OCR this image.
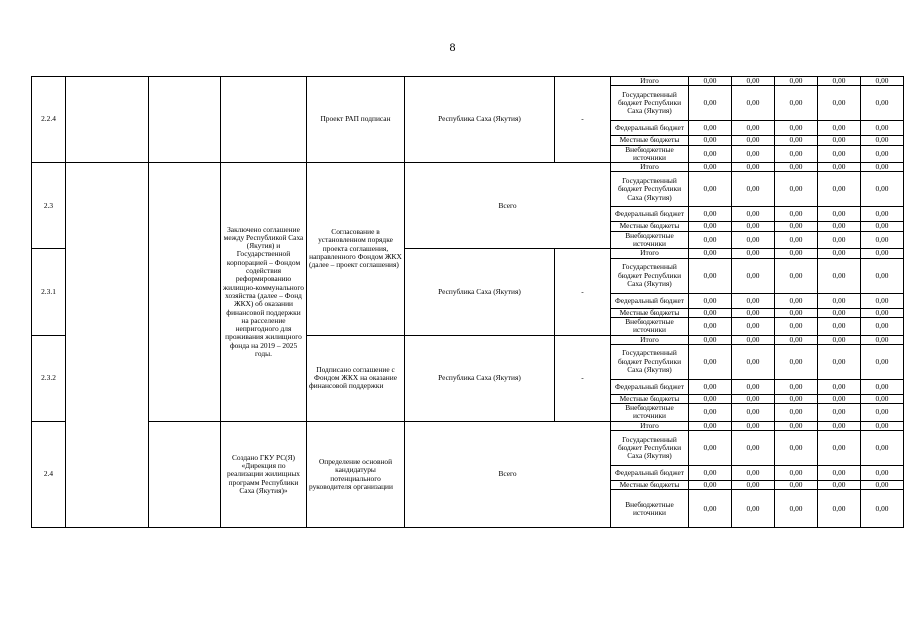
8
2.2.4				Проект РАП подписан	Республика Саха (Якутия)	-	Итого	0,00	0,00	0,00	0,00	0,00
							Государственный бюджет Республики Саха (Якутия)	0,00	0,00	0,00	0,00	0,00
							Федеральный бюджет	0,00	0,00	0,00	0,00	0,00
							Местные бюджеты	0,00	0,00	0,00	0,00	0,00
							Внебюджетные источники	0,00	0,00	0,00	0,00	0,00
2.3			Заключено соглашение между Республикой Саха (Якутия) и Государственной корпорацией – Фондом содействия реформированию жилищно-коммунального хозяйства (далее – Фонд ЖКХ) об оказании финансовой поддержки на расселение непригодного для проживания жилищного фонда на 2019 – 2025 годы.	Согласование в установленном порядке проекта соглашения, направленного Фондом ЖКХ (далее – проект соглашения)	Всего		Итого	0,00	0,00	0,00	0,00	0,00
							Государственный бюджет Республики Саха (Якутия)	0,00	0,00	0,00	0,00	0,00
							Федеральный бюджет	0,00	0,00	0,00	0,00	0,00
							Местные бюджеты	0,00	0,00	0,00	0,00	0,00
							Внебюджетные источники	0,00	0,00	0,00	0,00	0,00
2.3.1					Республика Саха (Якутия)	-	Итого	0,00	0,00	0,00	0,00	0,00
							Государственный бюджет Республики Саха (Якутия)	0,00	0,00	0,00	0,00	0,00
							Федеральный бюджет	0,00	0,00	0,00	0,00	0,00
							Местные бюджеты	0,00	0,00	0,00	0,00	0,00
							Внебюджетные источники	0,00	0,00	0,00	0,00	0,00
2.3.2				Подписано соглашение с Фондом ЖКХ на оказание финансовой поддержки	Республика Саха (Якутия)	-	Итого	0,00	0,00	0,00	0,00	0,00
							Государственный бюджет Республики Саха (Якутия)	0,00	0,00	0,00	0,00	0,00
							Федеральный бюджет	0,00	0,00	0,00	0,00	0,00
							Местные бюджеты	0,00	0,00	0,00	0,00	0,00
							Внебюджетные источники	0,00	0,00	0,00	0,00	0,00
2.4			Создано ГКУ РС(Я) «Дирекция по реализации жилищных программ Республики Саха (Якутия)»	Определение основной кандидатуры потенциального руководителя организации	Всего		Итого	0,00	0,00	0,00	0,00	0,00
							Государственный бюджет Республики Саха (Якутия)	0,00	0,00	0,00	0,00	0,00
							Федеральный бюджет	0,00	0,00	0,00	0,00	0,00
							Местные бюджеты	0,00	0,00	0,00	0,00	0,00
							Внебюджетные источники	0,00	0,00	0,00	0,00	0,00
